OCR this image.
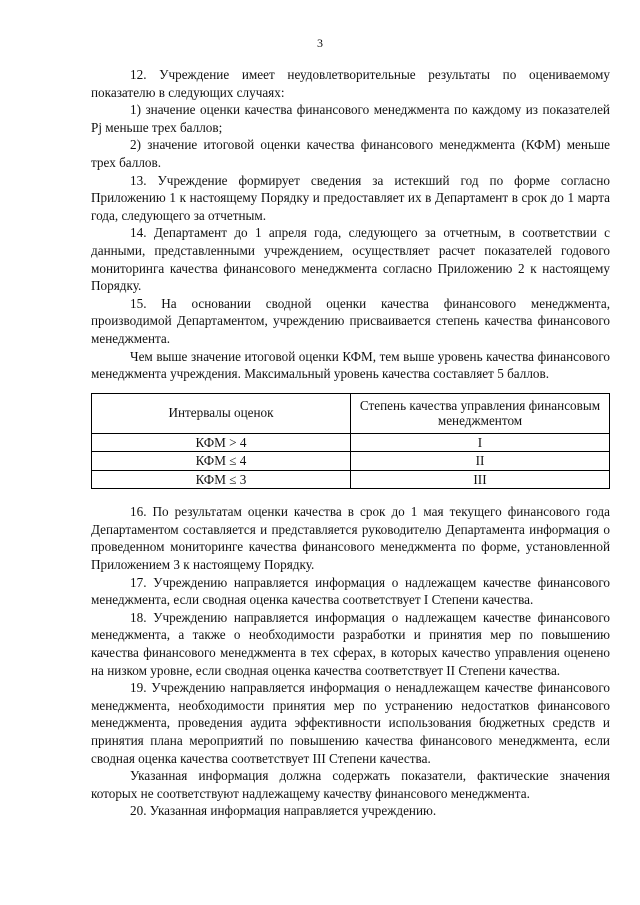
3

12. Учреждение имеет неудовлетворительные результаты по оцениваемому показателю в следующих случаях:

1) значение оценки качества финансового менеджмента по каждому из показателей Pj меньше трех баллов;

2) значение итоговой оценки качества финансового менеджмента (КФМ) меньше трех баллов.

13. Учреждение формирует сведения за истекший год по форме согласно Приложению 1 к настоящему Порядку и предоставляет их в Департамент в срок до 1 марта года, следующего за отчетным.

14. Департамент до 1 апреля года, следующего за отчетным, в соответствии с данными, представленными учреждением, осуществляет расчет показателей годового мониторинга качества финансового менеджмента согласно Приложению 2 к настоящему Порядку.

15. На основании сводной оценки качества финансового менеджмента, производимой Департаментом, учреждению присваивается степень качества финансового менеджмента.

Чем выше значение итоговой оценки КФМ, тем выше уровень качества финансового менеджмента учреждения. Максимальный уровень качества составляет 5 баллов.

Интервалы оценок	Степень качества управления финансовым менеджментом
КФМ > 4	I
КФМ ≤ 4	II
КФМ ≤ 3	III

16. По результатам оценки качества в срок до 1 мая текущего финансового года Департаментом составляется и представляется руководителю Департамента информация о проведенном мониторинге качества финансового менеджмента по форме, установленной Приложением 3 к настоящему Порядку.

17. Учреждению направляется информация о надлежащем качестве финансового менеджмента, если сводная оценка качества соответствует I Степени качества.

18. Учреждению направляется информация о надлежащем качестве финансового менеджмента, а также о необходимости разработки и принятия мер по повышению качества финансового менеджмента в тех сферах, в которых качество управления оценено на низком уровне, если сводная оценка качества соответствует II Степени качества.

19. Учреждению направляется информация о ненадлежащем качестве финансового менеджмента, необходимости принятия мер по устранению недостатков финансового менеджмента, проведения аудита эффективности использования бюджетных средств и принятия плана мероприятий по повышению качества финансового менеджмента, если сводная оценка качества соответствует III Степени качества.

Указанная информация должна содержать показатели, фактические значения которых не соответствуют надлежащему качеству финансового менеджмента.

20. Указанная информация направляется учреждению.
